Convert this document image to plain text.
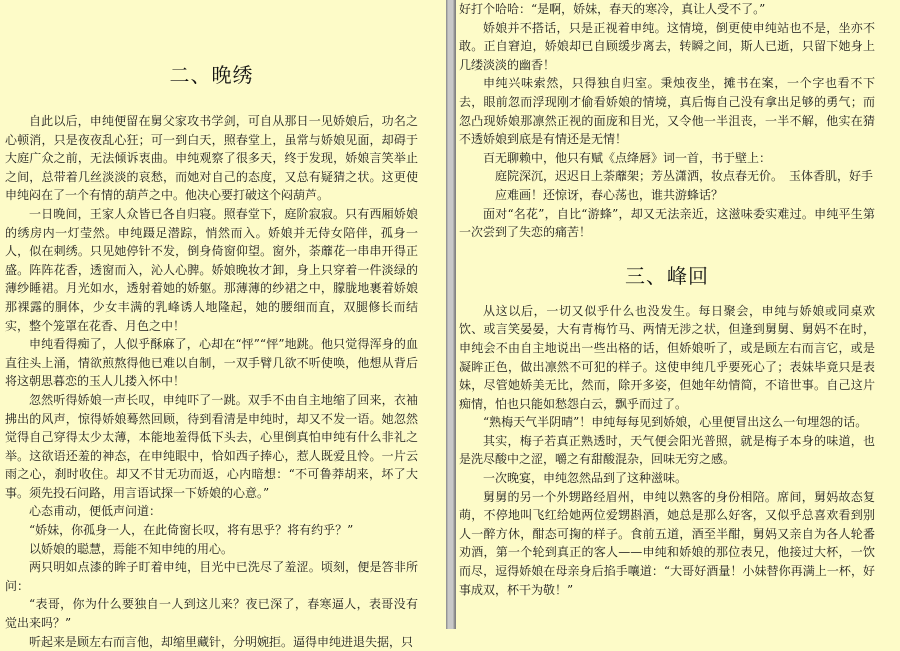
二、晚绣

自此以后，申纯便留在舅父家攻书学剑，可自从那日一见娇娘后，功名之心顿消，只是夜夜乱心狂；可一到白天，照春堂上，虽常与娇娘见面，却碍于大庭广众之前，无法倾诉衷曲。申纯观察了很多天，终于发现，娇娘言笑举止之间，总带着几丝淡淡的哀愁，而她对自己的态度，又总有疑猜之状。这更使申纯闷在了一个有情的葫芦之中。他决心要打破这个闷葫芦。

一日晚间，王家人众皆已各自归寝。照春堂下，庭阶寂寂。只有西厢娇娘的绣房内一灯莹然。申纯蹑足潜踪，悄然而入。娇娘并无侍女陪伴，孤身一人，似在刺绣。只见她停针不发，倒身倚窗仰望。窗外，荼蘼花一串串开得正盛。阵阵花香，透窗而入，沁人心脾。娇娘晚妆才卸，身上只穿着一件淡绿的薄纱睡裙。月光如水，透射着她的娇躯。那薄薄的纱裙之中，朦胧地裹着娇娘那裸露的胴体，少女丰满的乳峰诱人地隆起，她的腰细而直，双腿修长而结实，整个笼罩在花香、月色之中！

申纯看得痴了，人似乎酥麻了，心却在“怦”“怦”地跳。他只觉得浑身的血直往头上涌，情欲煎熬得他已难以自制，一双手臂几欲不听使唤，他想从背后将这朝思暮恋的玉人儿搂入怀中！

忽然听得娇娘一声长叹，申纯吓了一跳。双手不由自主地缩了回来，衣袖拂出的风声，惊得娇娘蓦然回顾，待到看清是申纯时，却又不发一语。她忽然觉得自己穿得太少太薄，本能地羞得低下头去，心里倒真怕申纯有什么非礼之举。这欲语还羞的神态，在申纯眼中，恰如西子捧心，惹人既爱且怜。一片云雨之心，刹时收住。却又不甘无功而返，心内暗想：“不可鲁莽胡来，坏了大事。须先投石问路，用言语试探一下娇娘的心意。”

心态甫动，便低声问道：

“娇妹，你孤身一人，在此倚窗长叹，将有思乎？将有约乎？”

以娇娘的聪慧，焉能不知申纯的用心。

两只明如点漆的眸子盯着申纯，目光中已洗尽了羞涩。顷刻，便是答非所问：

“表哥，你为什么要独自一人到这儿来？夜已深了，春寒逼人，表哥没有觉出来吗？”

听起来是顾左右而言他，却缩里藏针，分明婉拒。逼得申纯进退失据，只

好打个哈哈：“是啊，娇妹，春天的寒冷，真让人受不了。”

娇娘并不搭话，只是正视着申纯。这情境，倒更使申纯站也不是，坐亦不敢。正自窘迫，娇娘却已自顾缓步离去，转瞬之间，斯人已逝，只留下她身上几缕淡淡的幽香！

申纯兴味索然，只得独自归室。秉烛夜坐，摊书在案，一个字也看不下去，眼前忽而浮现刚才偷看娇娘的情境，真后悔自己没有拿出足够的勇气；而忽凸现娇娘那凛然正视的面庞和目光，又令他一半沮丧，一半不解，他实在猜不透娇娘到底是有情还是无情！

百无聊赖中，他只有赋《点绛唇》词一首，书于壁上：

庭院深沉，迟迟日上荼蘼架；芳丛潇洒，妆点春无价。　玉体香肌，好手应难画！还惊讶，春心荡也，谁共游蜂话？

面对“名花”，自比“游蜂”，却又无法亲近，这滋味委实难过。申纯平生第一次尝到了失恋的痛苦！

三、峰回

从这以后，一切又似乎什么也没发生。每日聚会，申纯与娇娘或同桌欢饮、或言笑晏晏，大有青梅竹马、两情无涉之状，但逢到舅舅、舅妈不在时，申纯会不由自主地说出一些出格的话，但娇娘听了，或是顾左右而言它，或是凝眸正色，做出凛然不可犯的样子。这使申纯几乎要死心了；表妹毕竟只是表妹，尽管她娇美无比，然而，除开多姿，但她年幼情简，不谙世事。自己这片痴情，怕也只能如愁怨白云，飘乎而过了。

“熟梅天气半阴晴”！申纯每每见到娇娘，心里便冒出这么一句埋怨的话。

其实，梅子若真正熟透时，天气便会阳光普照，就是梅子本身的味道，也是洗尽酸中之涩，嚼之有甜酸混杂，回味无穷之感。

一次晚宴，申纯忽然品到了这种滋味。

舅舅的另一个外甥路经眉州，申纯以熟客的身份相陪。席间，舅妈故态复萌，不停地叫飞红给她两位爱甥斟酒，她总是那么好客，又似乎总喜欢看到别人一醉方休，酣态可掬的样子。食前五道，酒至半酣，舅妈又亲自为各人轮番劝酒，第一个轮到真正的客人——申纯和娇娘的那位表兄，他接过大杯，一饮而尽，逗得娇娘在母亲身后掐手嚷道：“大哥好酒量！小妹替你再满上一杯，好事成双，杯干为敬！”
